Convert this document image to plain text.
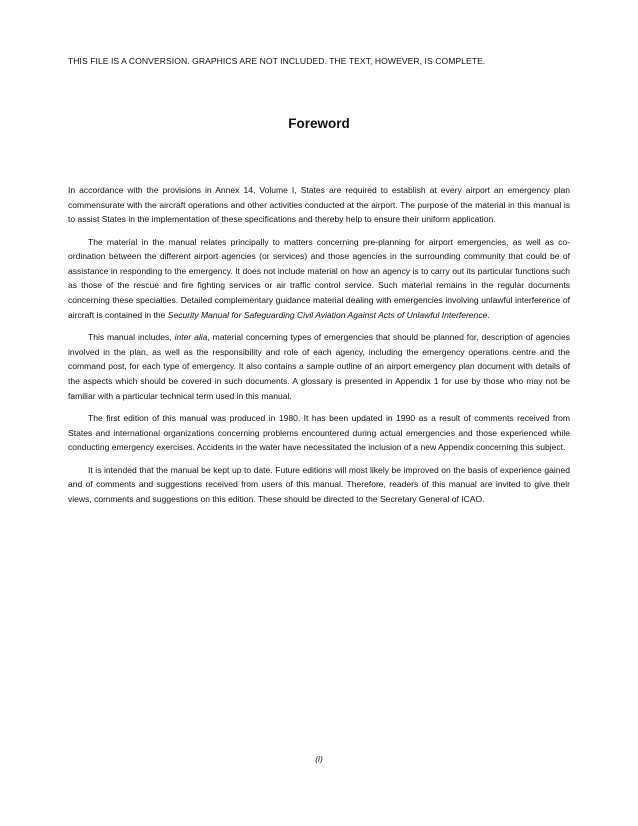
THIS FILE IS A CONVERSION. GRAPHICS ARE NOT INCLUDED. THE TEXT, HOWEVER, IS COMPLETE.
Foreword

In accordance with the provisions in Annex 14, Volume I, States are required to establish at every airport an emergency plan commensurate with the aircraft operations and other activities conducted at the airport. The purpose of the material in this manual is to assist States in the implementation of these specifications and thereby help to ensure their uniform application.

The material in the manual relates principally to matters concerning pre-planning for airport emergencies, as well as co-ordination between the different airport agencies (or services) and those agencies in the surrounding community that could be of assistance in responding to the emergency. It does not include material on how an agency is to carry out its particular functions such as those of the rescue and fire fighting services or air traffic control service. Such material remains in the regular documents concerning these specialties. Detailed complementary guidance material dealing with emergencies involving unlawful interference of aircraft is contained in the Security Manual for Safeguarding Civil Aviation Against Acts of Unlawful Interference.

This manual includes, inter alia, material concerning types of emergencies that should be planned for, description of agencies involved in the plan, as well as the responsibility and role of each agency, including the emergency operations centre and the command post, for each type of emergency. It also contains a sample outline of an airport emergency plan document with details of the aspects which should be covered in such documents. A glossary is presented in Appendix 1 for use by those who may not be familiar with a particular technical term used in this manual.

The first edition of this manual was produced in 1980. It has been updated in 1990 as a result of comments received from States and international organizations concerning problems encountered during actual emergencies and those experienced while conducting emergency exercises. Accidents in the water have necessitated the inclusion of a new Appendix concerning this subject.

It is intended that the manual be kept up to date. Future editions will most likely be improved on the basis of experience gained and of comments and suggestions received from users of this manual. Therefore, readers of this manual are invited to give their views, comments and suggestions on this edition. These should be directed to the Secretary General of ICAO.

(i)
